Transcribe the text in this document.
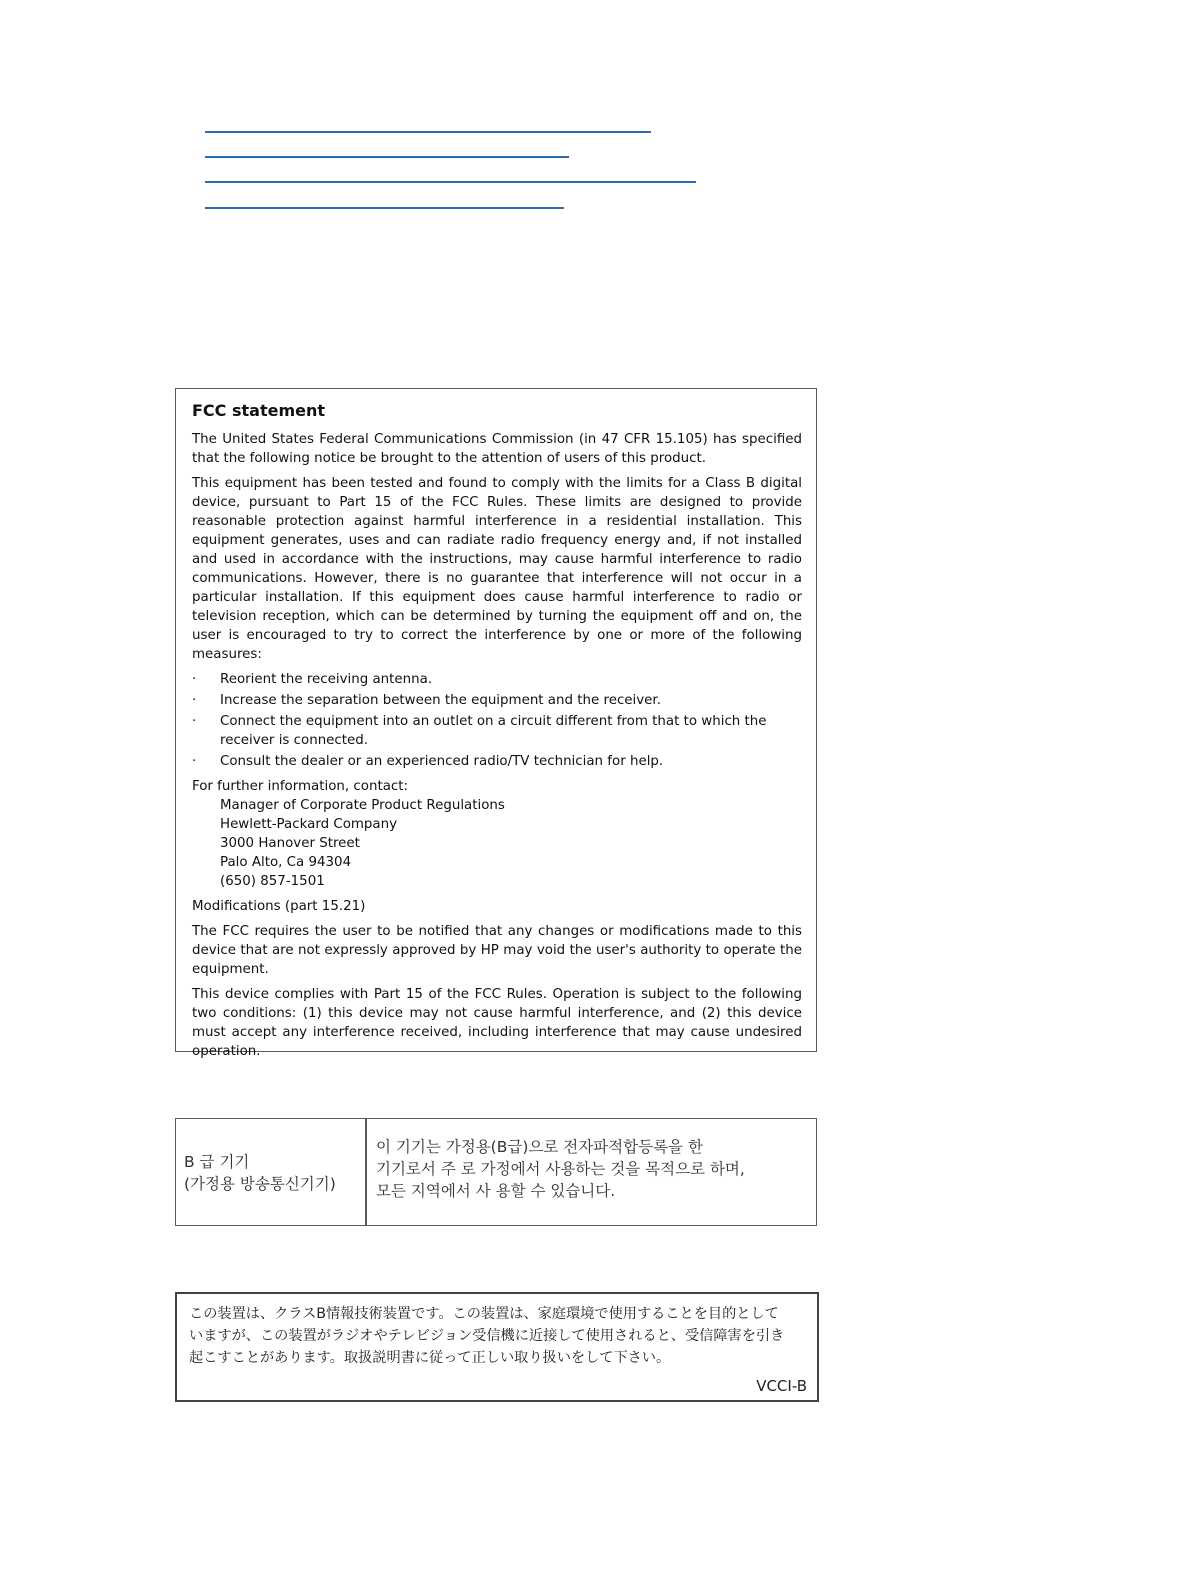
FCC statement

The United States Federal Communications Commission (in 47 CFR 15.105) has specified that the following notice be brought to the attention of users of this product.

This equipment has been tested and found to comply with the limits for a Class B digital device, pursuant to Part 15 of the FCC Rules. These limits are designed to provide reasonable protection against harmful interference in a residential installation. This equipment generates, uses and can radiate radio frequency energy and, if not installed and used in accordance with the instructions, may cause harmful interference to radio communications. However, there is no guarantee that interference will not occur in a particular installation. If this equipment does cause harmful interference to radio or television reception, which can be determined by turning the equipment off and on, the user is encouraged to try to correct the interference by one or more of the following measures:

· Reorient the receiving antenna.
· Increase the separation between the equipment and the receiver.
· Connect the equipment into an outlet on a circuit different from that to which the receiver is connected.
· Consult the dealer or an experienced radio/TV technician for help.
For further information, contact:
Manager of Corporate Product Regulations
Hewlett-Packard Company
3000 Hanover Street
Palo Alto, Ca 94304
(650) 857-1501
Modifications (part 15.21)

The FCC requires the user to be notified that any changes or modifications made to this device that are not expressly approved by HP may void the user's authority to operate the equipment.

This device complies with Part 15 of the FCC Rules. Operation is subject to the following two conditions: (1) this device may not cause harmful interference, and (2) this device must accept any interference received, including interference that may cause undesired operation.

B 급 기기
(가정용 방송통신기기)
이 기기는 가정용(B급)으로 전자파적합등록을 한
기기로서 주 로 가정에서 사용하는 것을 목적으로 하며,
모든 지역에서 사 용할 수 있습니다.
この装置は、クラスB情報技術装置です。この装置は、家庭環境で使用することを目的として
いますが、この装置がラジオやテレビジョン受信機に近接して使用されると、受信障害を引き
起こすことがあります。取扱説明書に従って正しい取り扱いをして下さい。
VCCI-B
